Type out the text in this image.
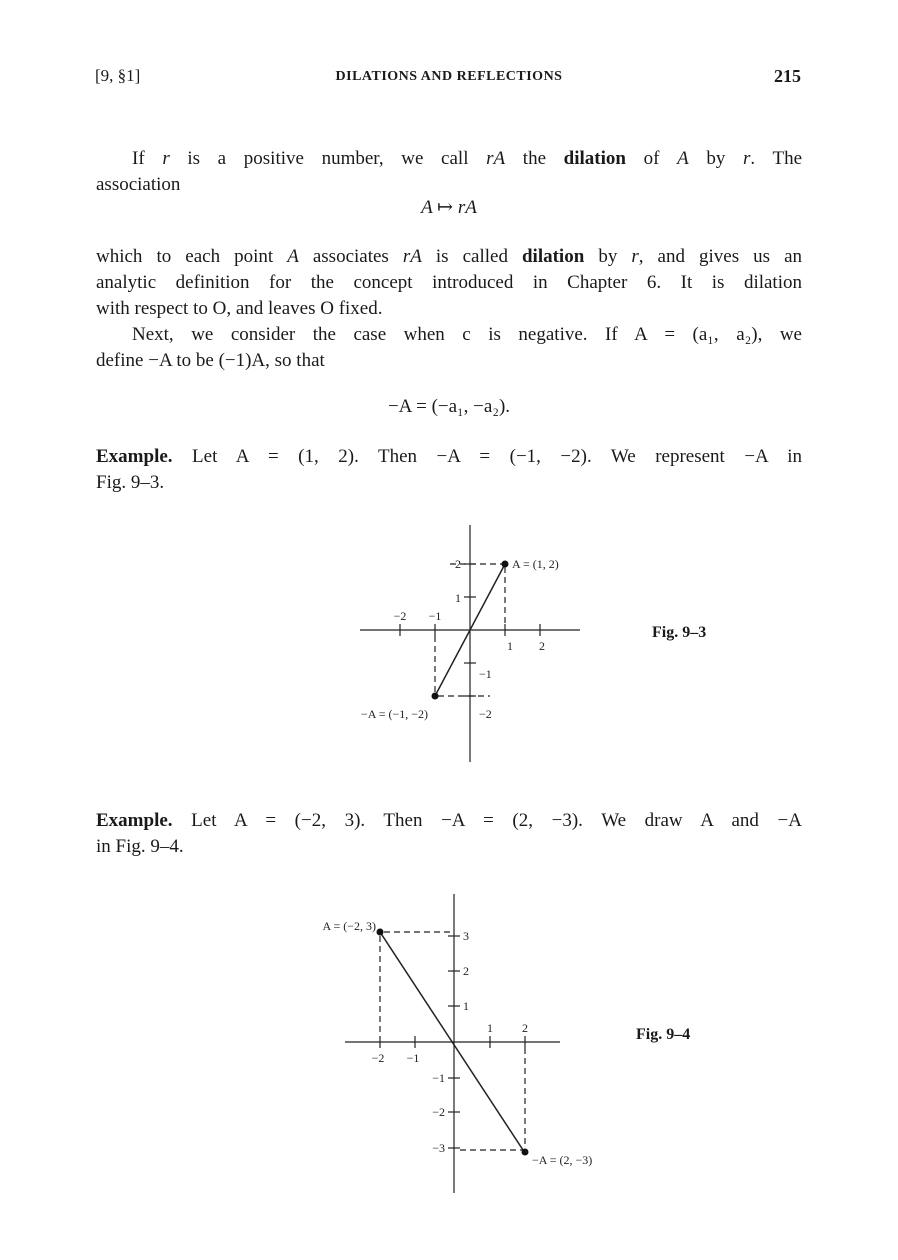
[9, §1]	DILATIONS AND REFLECTIONS	215
If r is a positive number, we call rA the dilation of A by r. The
association
A ↦ rA
which to each point A associates rA is called dilation by r, and gives us an
analytic definition for the concept introduced in Chapter 6. It is dilation
with respect to O, and leaves O fixed.
Next, we consider the case when c is negative. If A = (a₁, a₂), we
define −A to be (−1)A, so that
−A = (−a₁, −a₂).
Example. Let A = (1, 2). Then −A = (−1, −2). We represent −A in
Fig. 9–3.
A = (1, 2)
−A = (−1, −2)
−2 −1
1 2
1
2
−1
−2
Fig. 9–3
Example. Let A = (−2, 3). Then −A = (2, −3). We draw A and −A
in Fig. 9–4.
A = (−2, 3)
−A = (2, −3)
−2 −1
1 2
3
2
1
−1
−2
−3
Fig. 9–4
